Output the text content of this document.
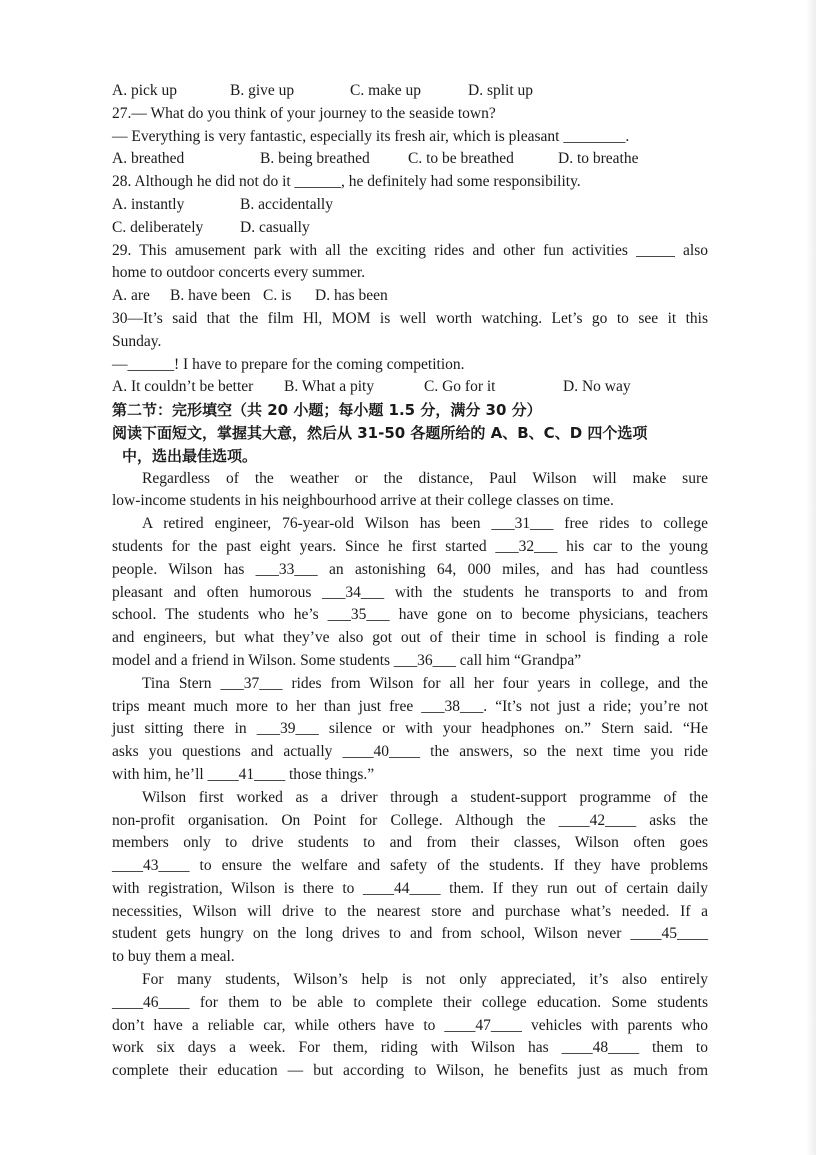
A. pick up	B. give up	C. make up	D. split up
27.— What do you think of your journey to the seaside town?
— Everything is very fantastic, especially its fresh air, which is pleasant ________.
A. breathed	B. being breathed	C. to be breathed	D. to breathe
28. Although he did not do it ______, he definitely had some responsibility.
A. instantly	B. accidentally
C. deliberately	D. casually
29. This amusement park with all the exciting rides and other fun activities _____ also
home to outdoor concerts every summer.
A. are	B. have been C. is	D. has been
30—It’s said that the film Hl, MOM is well worth watching. Let’s go to see it this
Sunday.
—______! I have to prepare for the coming competition.
A. It couldn’t be better	B. What a pity	C. Go for it	D. No way
第二节：完形填空（共 20 小题；每小题 1.5 分，满分 30 分）
阅读下面短文，掌握其大意，然后从 31-50 各题所给的 A、B、C、D 四个选项
中，选出最佳选项。
Regardless of the weather or the distance, Paul Wilson will make sure
low-income students in his neighbourhood arrive at their college classes on time.
A retired engineer, 76-year-old Wilson has been ___31___ free rides to college
students for the past eight years. Since he first started ___32___ his car to the young
people. Wilson has ___33___ an astonishing 64, 000 miles, and has had countless
pleasant and often humorous ___34___ with the students he transports to and from
school. The students who he’s ___35___ have gone on to become physicians, teachers
and engineers, but what they’ve also got out of their time in school is finding a role
model and a friend in Wilson. Some students ___36___ call him “Grandpa”
Tina Stern ___37___ rides from Wilson for all her four years in college, and the
trips meant much more to her than just free ___38___. “It’s not just a ride; you’re not
just sitting there in ___39___ silence or with your headphones on.” Stern said. “He
asks you questions and actually ____40____ the answers, so the next time you ride
with him, he’ll ____41____ those things.”
Wilson first worked as a driver through a student-support programme of the
non-profit organisation. On Point for College. Although the ____42____ asks the
members only to drive students to and from their classes, Wilson often goes
____43____ to ensure the welfare and safety of the students. If they have problems
with registration, Wilson is there to ____44____ them. If they run out of certain daily
necessities, Wilson will drive to the nearest store and purchase what’s needed. If a
student gets hungry on the long drives to and from school, Wilson never ____45____
to buy them a meal.
For many students, Wilson’s help is not only appreciated, it’s also entirely
____46____ for them to be able to complete their college education. Some students
don’t have a reliable car, while others have to ____47____ vehicles with parents who
work six days a week. For them, riding with Wilson has ____48____ them to
complete their education — but according to Wilson, he benefits just as much from
